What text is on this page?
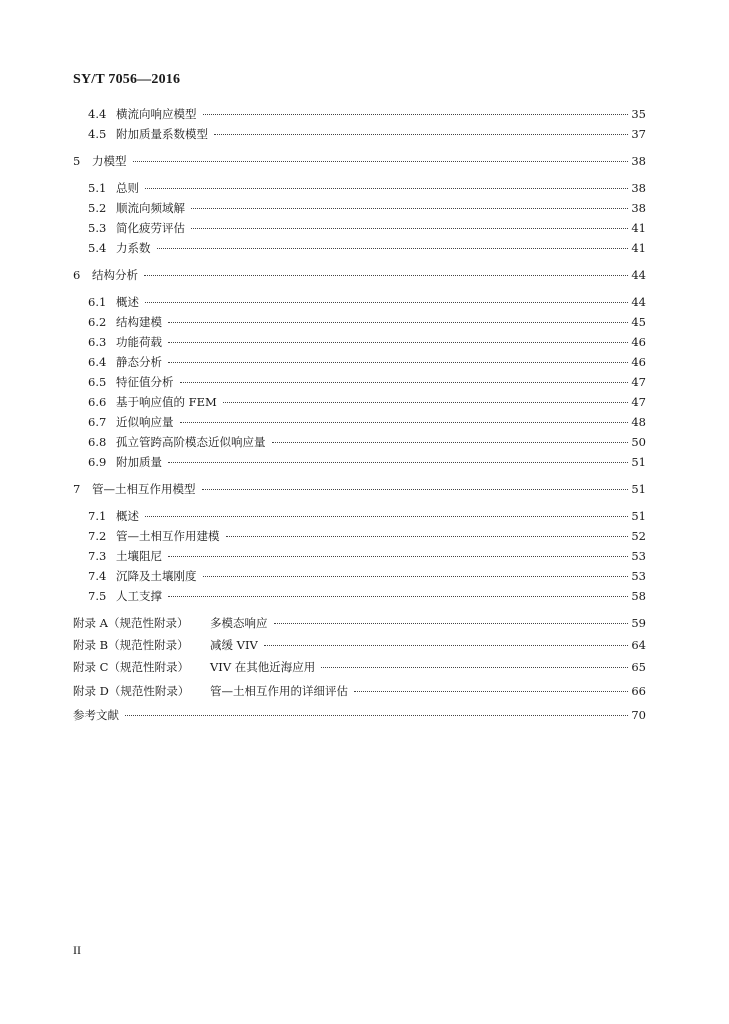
SY/T 7056—2016
4.4 横流向响应模型	35
4.5 附加质量系数模型	37
5	力模型	38
5.1 总则	38
5.2 顺流向频域解	38
5.3 简化疲劳评估	41
5.4 力系数	41
6	结构分析	44
6.1 概述	44
6.2 结构建模	45
6.3 功能荷载	46
6.4 静态分析	46
6.5 特征值分析	47
6.6 基于响应值的 FEM	47
6.7 近似响应量	48
6.8 孤立管跨高阶模态近似响应量	50
6.9 附加质量	51
7	管—土相互作用模型	51
7.1 概述	51
7.2 管—土相互作用建模	52
7.3 土壤阻尼	53
7.4 沉降及土壤刚度	53
7.5 人工支撑	58
附录 A（规范性附录）	多模态响应	59
附录 B（规范性附录）	减缓 VIV	64
附录 C（规范性附录）	VIV 在其他近海应用	65
附录 D（规范性附录）	管—土相互作用的详细评估	66
参考文献	70
II
